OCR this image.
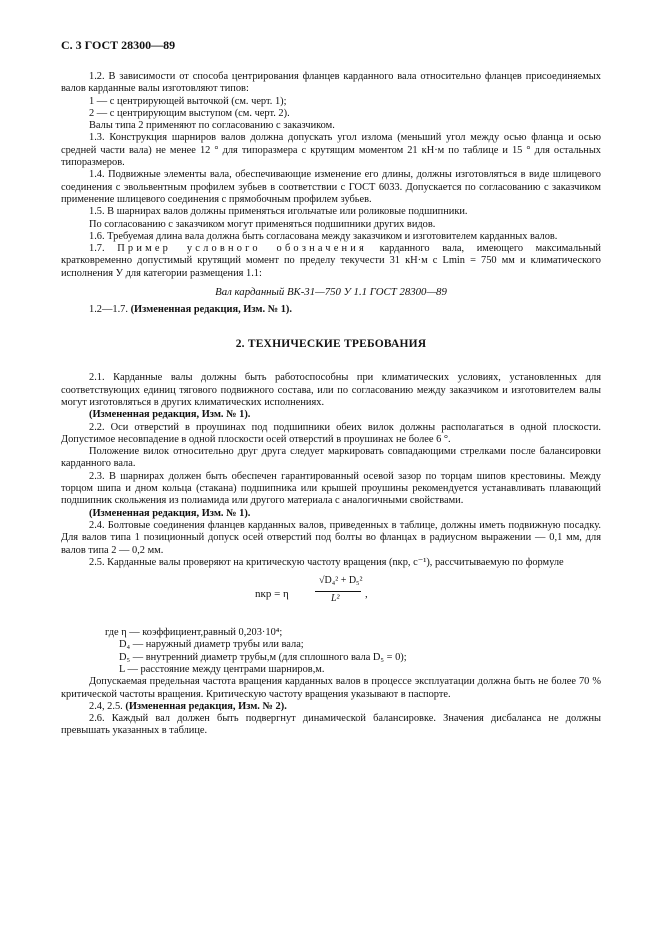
С. 3 ГОСТ 28300—89

1.2. В зависимости от способа центрирования фланцев карданного вала относительно фланцев присоединяемых валов карданные валы изготовляют типов:

1 — с центрирующей выточкой (см. черт. 1);

2 — с центрирующим выступом (см. черт. 2).

Валы типа 2 применяют по согласованию с заказчиком.

1.3. Конструкция шарниров валов должна допускать угол излома (меньший угол между осью фланца и осью средней части вала) не менее 12 ° для типоразмера с крутящим моментом 21 кН·м по таблице и 15 ° для остальных типоразмеров.

1.4. Подвижные элементы вала, обеспечивающие изменение его длины, должны изготовляться в виде шлицевого соединения с эвольвентным профилем зубьев в соответствии с ГОСТ 6033. Допускается по согласованию с заказчиком применение шлицевого соединения с прямобочным профилем зубьев.

1.5. В шарнирах валов должны применяться игольчатые или роликовые подшипники.

По согласованию с заказчиком могут применяться подшипники других видов.

1.6. Требуемая длина вала должна быть согласована между заказчиком и изготовителем карданных валов.

1.7. Пример условного обозначения карданного вала, имеющего максимальный кратковременно допустимый крутящий момент по пределу текучести 31 кН·м с Lmin = 750 мм и климатического исполнения У для категории размещения 1.1:

Вал карданный ВК-31—750 У 1.1 ГОСТ 28300—89

1.2—1.7. (Измененная редакция, Изм. № 1).

2. ТЕХНИЧЕСКИЕ ТРЕБОВАНИЯ

2.1. Карданные валы должны быть работоспособны при климатических условиях, установленных для соответствующих единиц тягового подвижного состава, или по согласованию между заказчиком и изготовителем валы могут изготовляться в других климатических исполнениях.

(Измененная редакция, Изм. № 1).

2.2. Оси отверстий в проушинах под подшипники обеих вилок должны располагаться в одной плоскости. Допустимое несовпадение в одной плоскости осей отверстий в проушинах не более 6 °.

Положение вилок относительно друг друга следует маркировать совпадающими стрелками после балансировки карданного вала.

2.3. В шарнирах должен быть обеспечен гарантированный осевой зазор по торцам шипов крестовины. Между торцом шипа и дном кольца (стакана) подшипника или крышей проушины рекомендуется устанавливать плавающий подшипник скольжения из полиамида или другого материала с аналогичными свойствами.

(Измененная редакция, Изм. № 1).

2.4. Болтовые соединения фланцев карданных валов, приведенных в таблице, должны иметь подвижную посадку. Для валов типа 1 позиционный допуск осей отверстий под болты во фланцах в радиусном выражении — 0,1 мм, для валов типа 2 — 0,2 мм.

2.5. Карданные валы проверяют на критическую частоту вращения (nкр, с⁻¹), рассчитываемую по формуле

nкр = η
√D₄² + D₅²
L² ,

где η — коэффициент,равный 0,203·10⁴;

D₄ — наружный диаметр трубы или вала;

D₅ — внутренний диаметр трубы,м (для сплошного вала D₅ = 0);

L — расстояние между центрами шарниров,м.

Допускаемая предельная частота вращения карданных валов в процессе эксплуатации должна быть не более 70 % критической частоты вращения. Критическую частоту вращения указывают в паспорте.

2.4, 2.5. (Измененная редакция, Изм. № 2).

2.6. Каждый вал должен быть подвергнут динамической балансировке. Значения дисбаланса не должны превышать указанных в таблице.
